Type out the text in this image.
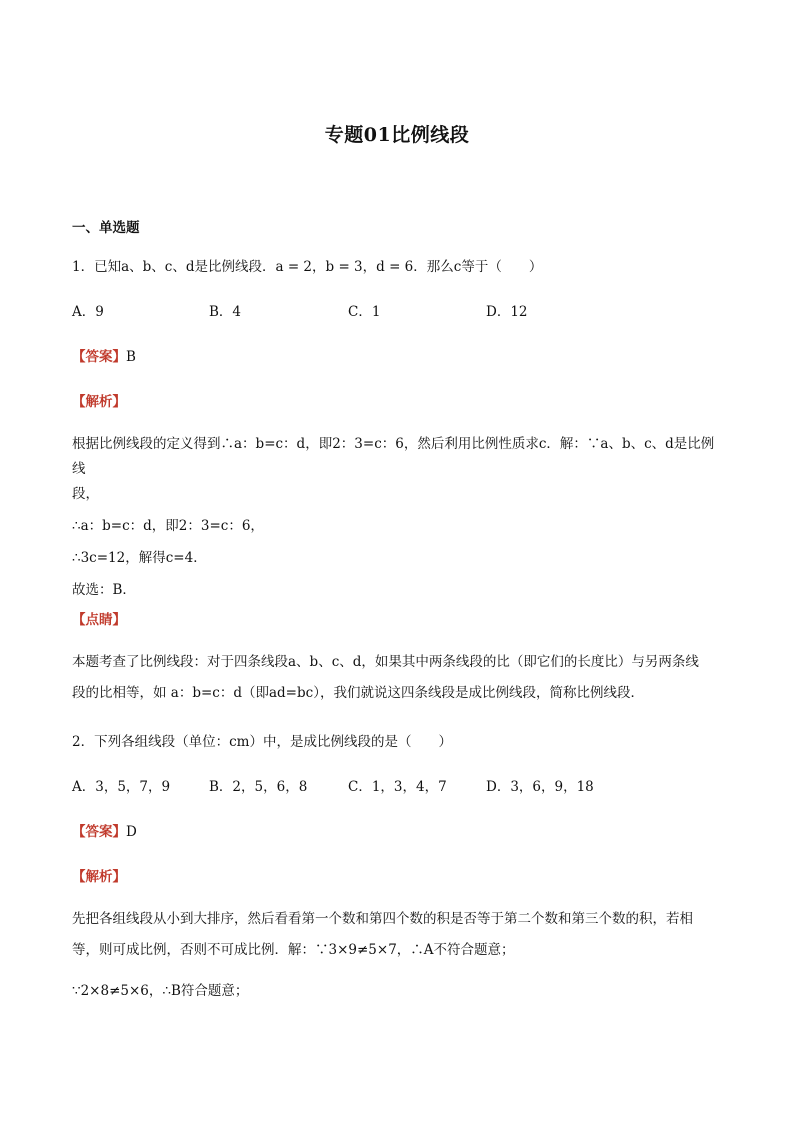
专题01比例线段
一、单选题
1．已知a、b、c、d是比例线段．a = 2，b = 3，d = 6．那么c等于（　　）
A．9	B．4	C．1	D．12
【答案】B
【解析】

根据比例线段的定义得到∴a：b=c：d，即2：3=c：6，然后利用比例性质求c．解：∵a、b、c、d是比例线

段，

∴a：b=c：d，即2：3=c：6，

∴3c=12，解得c=4．

故选：B．

【点睛】

本题考查了比例线段：对于四条线段a、b、c、d，如果其中两条线段的比（即它们的长度比）与另两条线

段的比相等，如 a：b=c：d（即ad=bc），我们就说这四条线段是成比例线段，简称比例线段．

2．下列各组线段（单位：cm）中，是成比例线段的是（　　）
A．3，5，7，9	B．2，5，6，8	C．1，3，4，7	D．3，6，9，18
【答案】D
【解析】

先把各组线段从小到大排序，然后看看第一个数和第四个数的积是否等于第二个数和第三个数的积，若相

等，则可成比例，否则不可成比例．解：∵3×9≠5×7，∴A不符合题意；

∵2×8≠5×6，∴B符合题意；
